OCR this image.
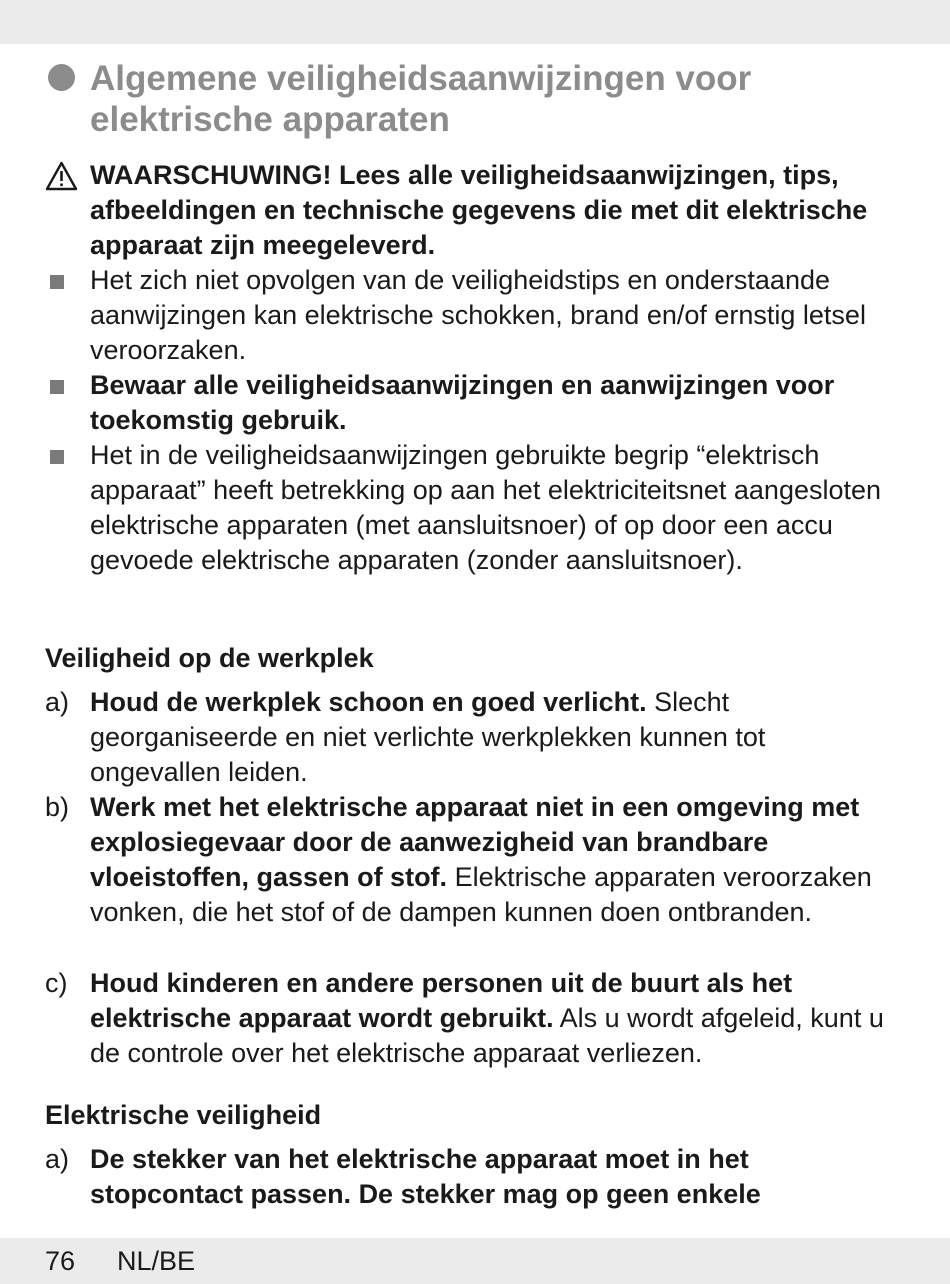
Algemene veiligheidsaanwijzingen voor elektrische apparaten
WAARSCHUWING! Lees alle veiligheidsaanwijzingen, tips, afbeeldingen en technische gegevens die met dit elektrische apparaat zijn meegeleverd.
Het zich niet opvolgen van de veiligheidstips en onderstaande aanwijzingen kan elektrische schokken, brand en/of ernstig letsel veroorzaken.
Bewaar alle veiligheidsaanwijzingen en aanwijzingen voor toekomstig gebruik.
Het in de veiligheidsaanwijzingen gebruikte begrip “elektrisch apparaat” heeft betrekking op aan het elektriciteitsnet aangesloten elektrische apparaten (met aansluitsnoer) of op door een accu gevoede elektrische apparaten (zonder aansluitsnoer).
Veiligheid op de werkplek
a) Houd de werkplek schoon en goed verlicht. Slecht georganiseerde en niet verlichte werkplekken kunnen tot ongevallen leiden.
b) Werk met het elektrische apparaat niet in een omgeving met explosiegevaar door de aanwezigheid van brandbare vloeistoffen, gassen of stof. Elektrische apparaten veroorzaken vonken, die het stof of de dampen kunnen doen ontbranden.
c) Houd kinderen en andere personen uit de buurt als het elektrische apparaat wordt gebruikt. Als u wordt afgeleid, kunt u de controle over het elektrische apparaat verliezen.
Elektrische veiligheid
a) De stekker van het elektrische apparaat moet in het stopcontact passen. De stekker mag op geen enkele
76 NL/BE
